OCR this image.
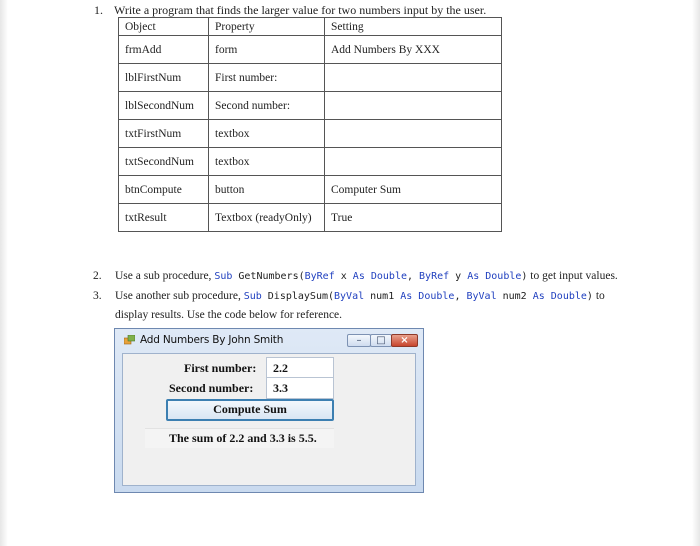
1. Write a program that finds the larger value for two numbers input by the user.
Object	Property	Setting
frmAdd	form	Add Numbers By XXX
lblFirstNum	First number:	
lblSecondNum	Second number:	
txtFirstNum	textbox	
txtSecondNum	textbox	
btnCompute	button	Computer Sum
txtResult	Textbox (readyOnly)	True
2. Use a sub procedure, Sub GetNumbers(ByRef x As Double, ByRef y As Double) to get input values.
3. Use another sub procedure, Sub DisplaySum(ByVal num1 As Double, ByVal num2 As Double) to
display results. Use the code below for reference.
Add Numbers By John Smith	–	□	×
First number:	2.2
Second number:	3.3
Compute Sum
The sum of 2.2 and 3.3 is 5.5.
